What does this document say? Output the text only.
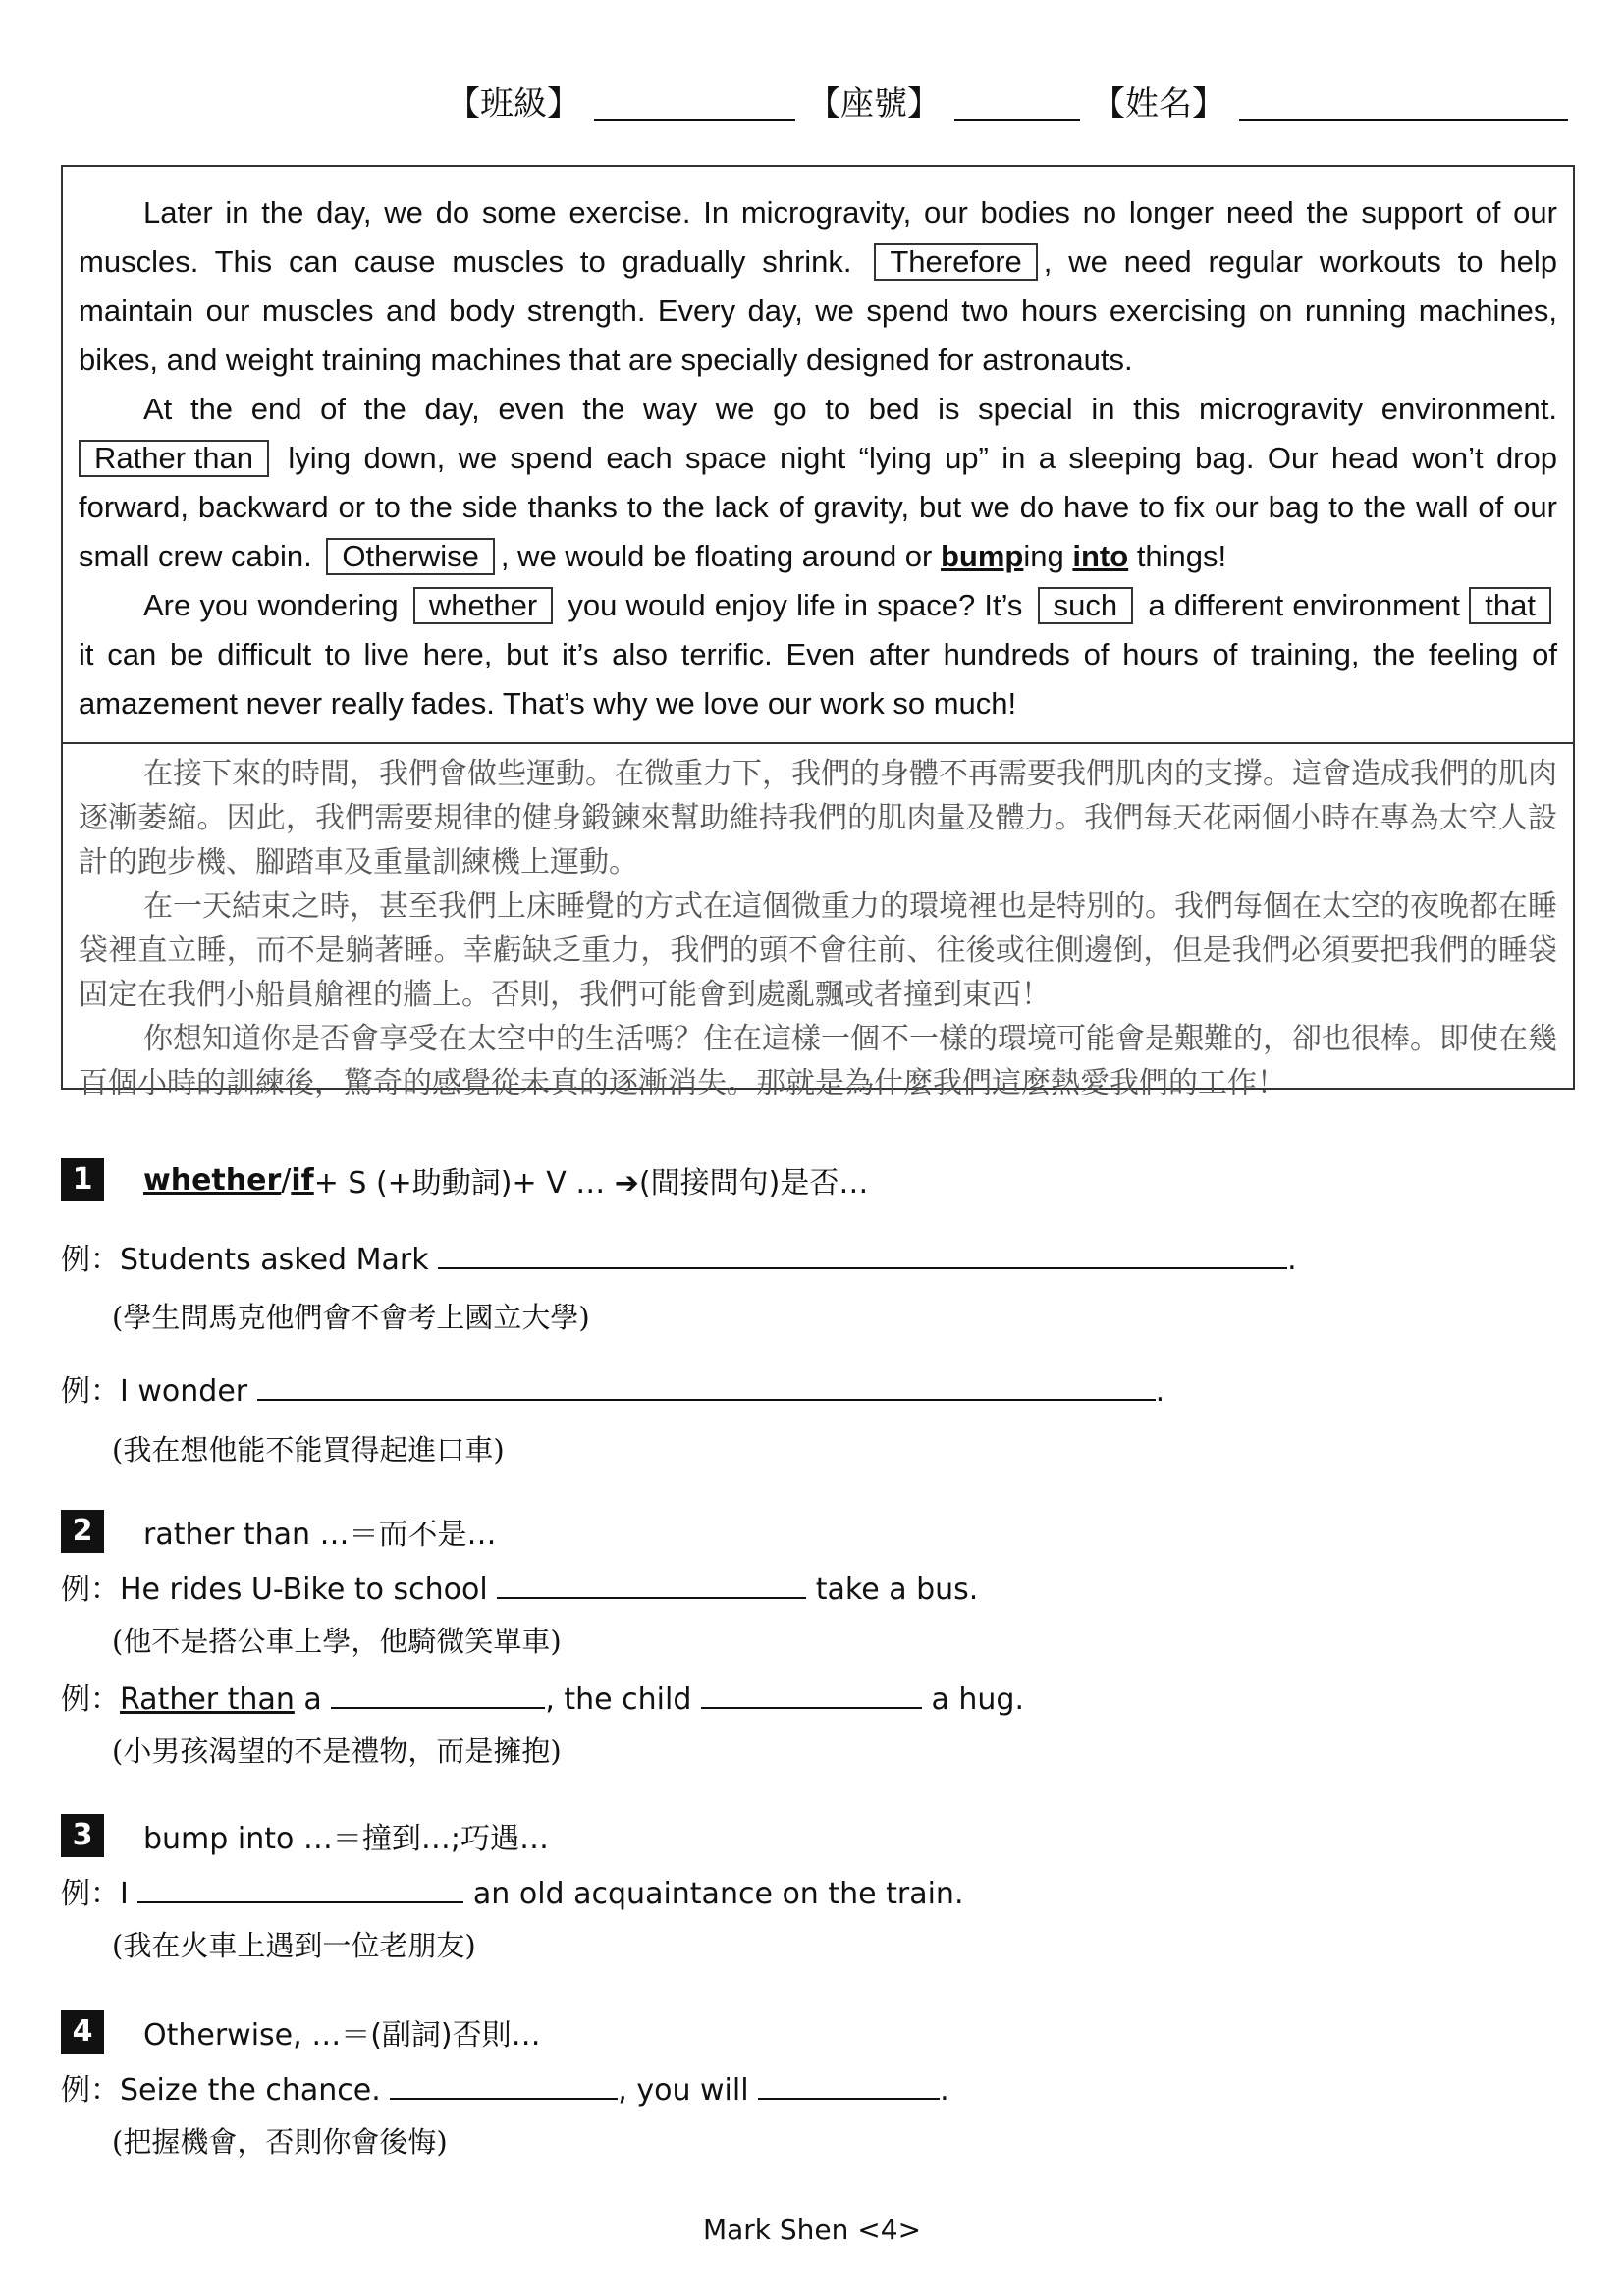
【班級】	【座號】	【姓名】

Later in the day, we do some exercise. In microgravity, our bodies no longer need the support of our muscles. This can cause muscles to gradually shrink. Therefore , we need regular workouts to help maintain our muscles and body strength. Every day, we spend two hours exercising on running machines, bikes, and weight training machines that are specially designed for astronauts.

At the end of the day, even the way we go to bed is special in this microgravity environment. Rather than lying down, we spend each space night “lying up” in a sleeping bag. Our head won’t drop forward, backward or to the side thanks to the lack of gravity, but we do have to fix our bag to the wall of our small crew cabin. Otherwise , we would be floating around or bumping into things!

Are you wondering whether you would enjoy life in space? It’s such a different environment that it can be difficult to live here, but it’s also terrific. Even after hundreds of hours of training, the feeling of amazement never really fades. That’s why we love our work so much!

在接下來的時間，我們會做些運動。在微重力下，我們的身體不再需要我們肌肉的支撐。這會造成我們的肌肉逐漸萎縮。因此，我們需要規律的健身鍛鍊來幫助維持我們的肌肉量及體力。我們每天花兩個小時在專為太空人設計的跑步機、腳踏車及重量訓練機上運動。

在一天結束之時，甚至我們上床睡覺的方式在這個微重力的環境裡也是特別的。我們每個在太空的夜晚都在睡袋裡直立睡，而不是躺著睡。幸虧缺乏重力，我們的頭不會往前、往後或往側邊倒，但是我們必須要把我們的睡袋固定在我們小船員艙裡的牆上。否則，我們可能會到處亂飄或者撞到東西！

你想知道你是否會享受在太空中的生活嗎？住在這樣一個不一樣的環境可能會是艱難的，卻也很棒。即使在幾百個小時的訓練後，驚奇的感覺從未真的逐漸消失。那就是為什麼我們這麼熱愛我們的工作！

1	whether / if + S (+助動詞)+ V … ➔(間接問句)是否…
例：Students asked Mark	.
(學生問馬克他們會不會考上國立大學)
例：I wonder	.
(我在想他能不能買得起進口車)
2	rather than …＝而不是…
例：He rides U-Bike to school	take a bus.
(他不是搭公車上學，他騎微笑單車)
例：Rather than a	, the child	a hug.
(小男孩渴望的不是禮物，而是擁抱)
3	bump into …＝撞到…;巧遇…
例：I	an old acquaintance on the train.
(我在火車上遇到一位老朋友)
4	Otherwise, …＝(副詞)否則…
例：Seize the chance.	, you will	.
(把握機會，否則你會後悔)
Mark Shen <4>
